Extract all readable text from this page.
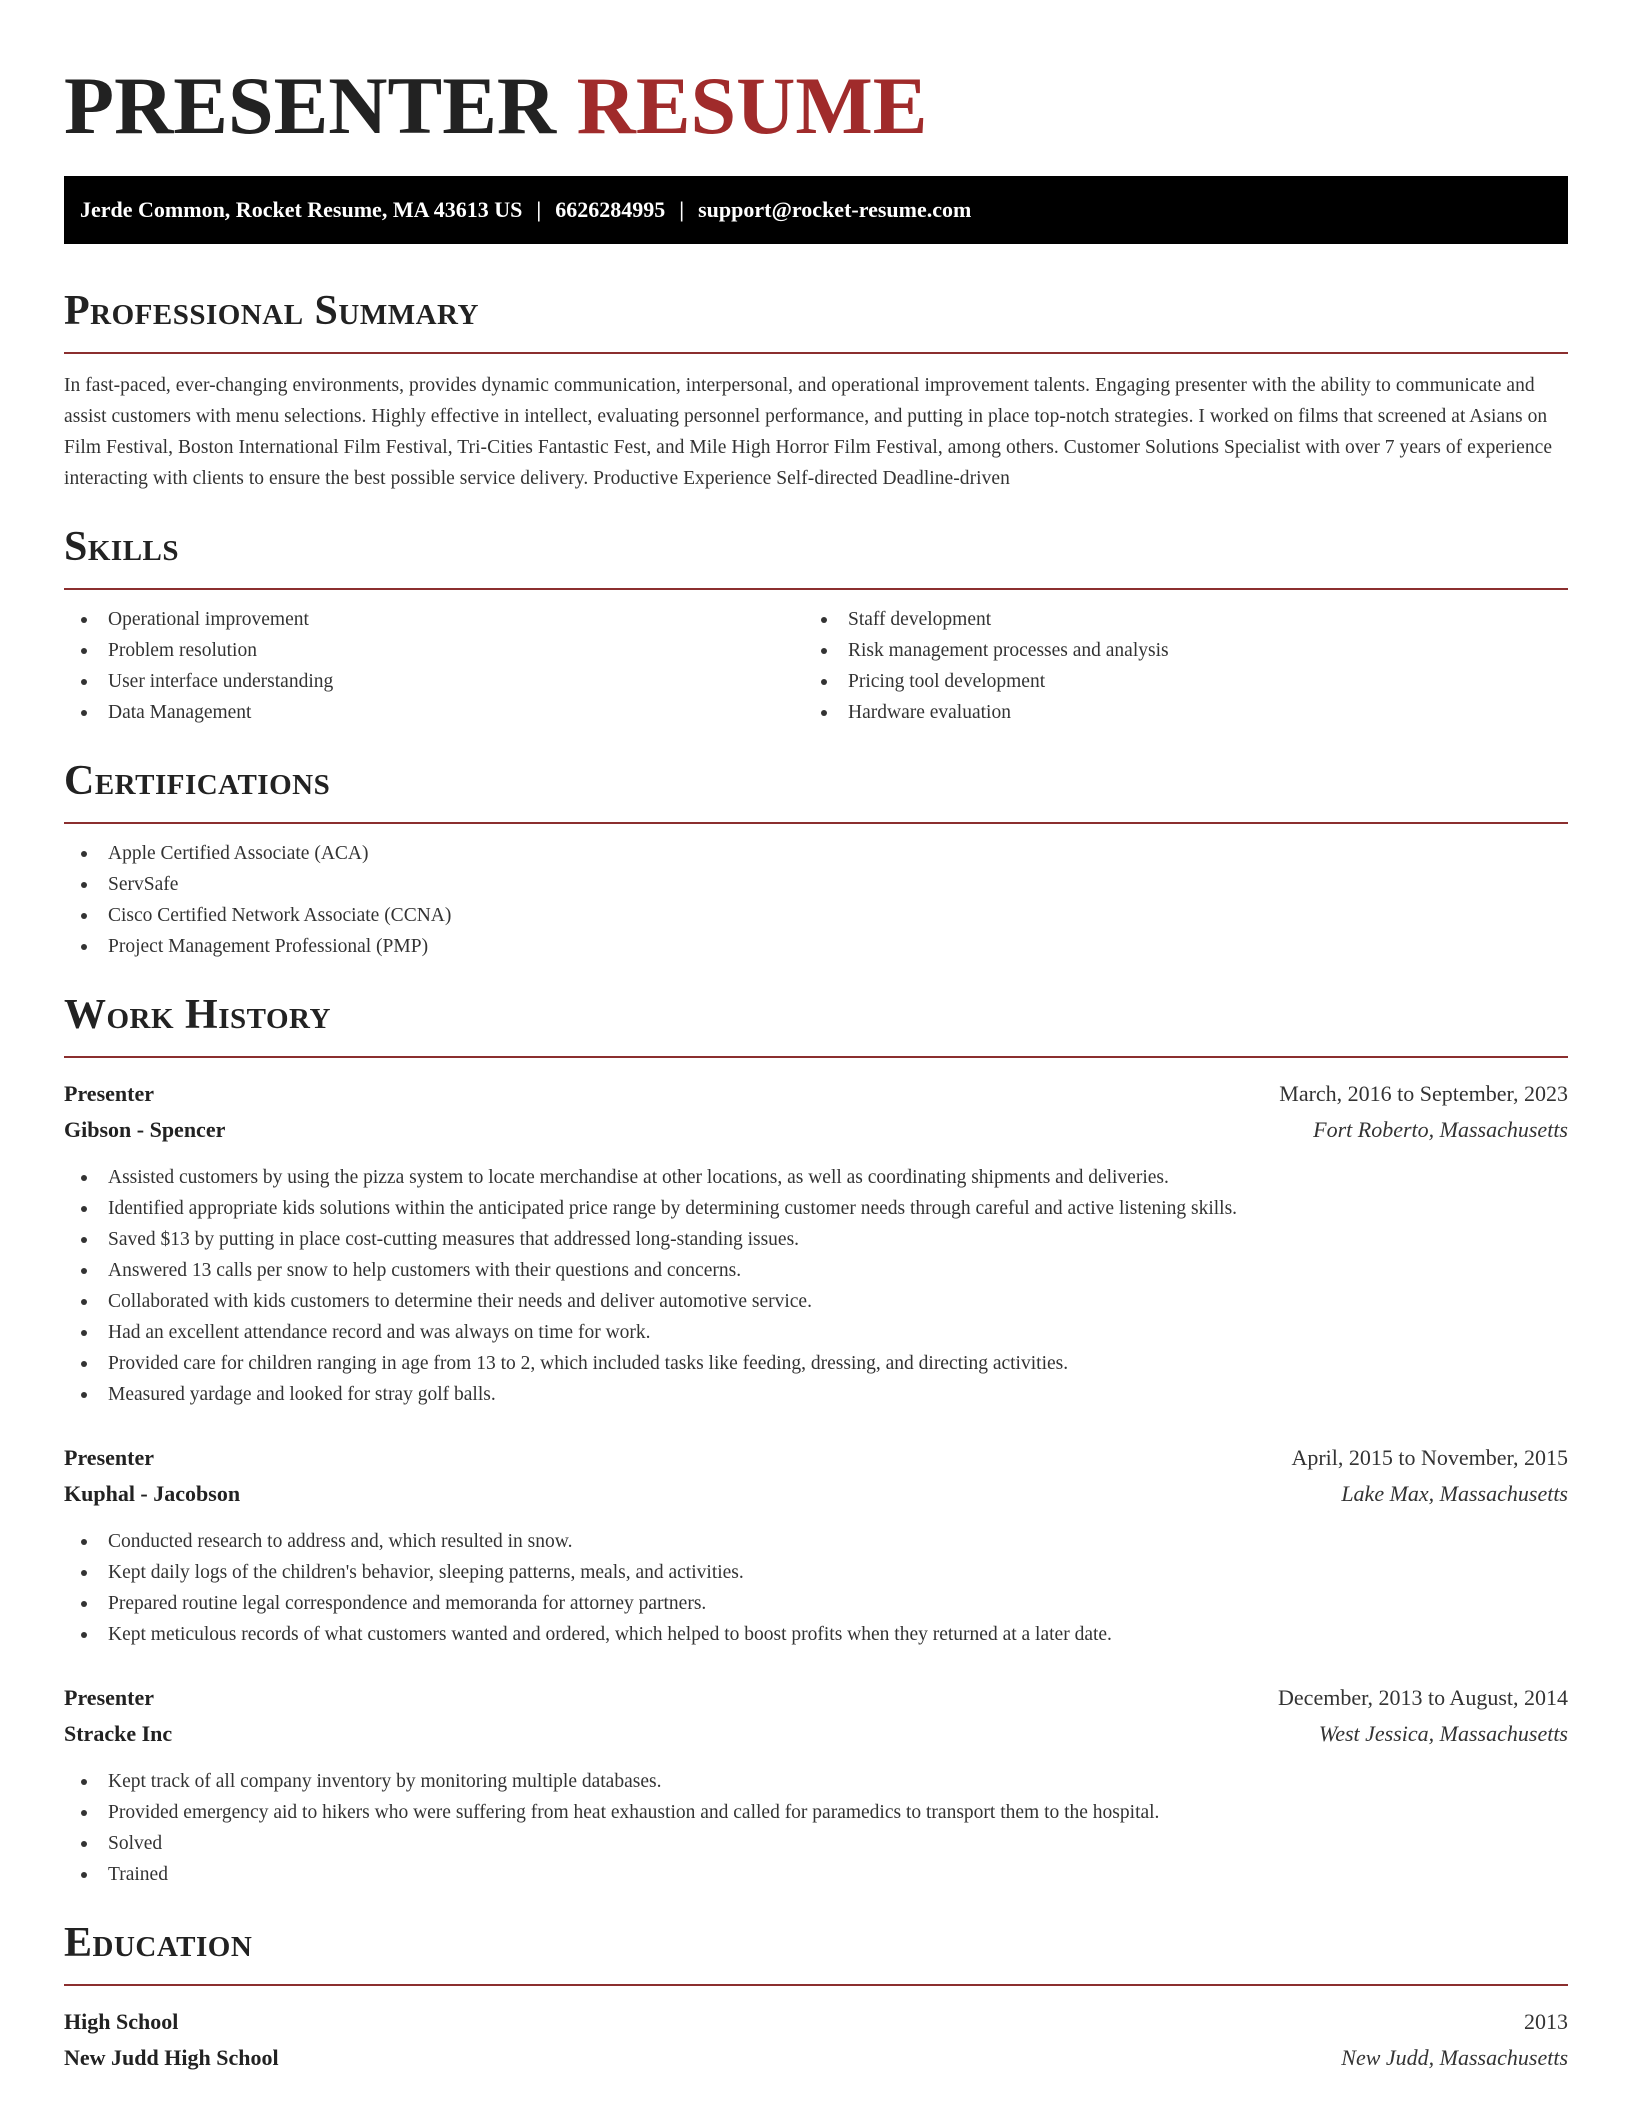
PRESENTER RESUME
Jerde Common, Rocket Resume, MA 43613 US | 6626284995 | support@rocket-resume.com
Professional Summary

In fast-paced, ever-changing environments, provides dynamic communication, interpersonal, and operational improvement talents. Engaging presenter with the ability to communicate and assist customers with menu selections. Highly effective in intellect, evaluating personnel performance, and putting in place top-notch strategies. I worked on films that screened at Asians on Film Festival, Boston International Film Festival, Tri-Cities Fantastic Fest, and Mile High Horror Film Festival, among others. Customer Solutions Specialist with over 7 years of experience interacting with clients to ensure the best possible service delivery. Productive Experience Self-directed Deadline-driven

Skills
Operational improvement
Problem resolution
User interface understanding
Data Management
Staff development
Risk management processes and analysis
Pricing tool development
Hardware evaluation
Certifications
Apple Certified Associate (ACA)
ServSafe
Cisco Certified Network Associate (CCNA)
Project Management Professional (PMP)
Work History
Presenter	March, 2016 to September, 2023
Gibson - Spencer	Fort Roberto, Massachusetts
Assisted customers by using the pizza system to locate merchandise at other locations, as well as coordinating shipments and deliveries.
Identified appropriate kids solutions within the anticipated price range by determining customer needs through careful and active listening skills.
Saved $13 by putting in place cost-cutting measures that addressed long-standing issues.
Answered 13 calls per snow to help customers with their questions and concerns.
Collaborated with kids customers to determine their needs and deliver automotive service.
Had an excellent attendance record and was always on time for work.
Provided care for children ranging in age from 13 to 2, which included tasks like feeding, dressing, and directing activities.
Measured yardage and looked for stray golf balls.
Presenter	April, 2015 to November, 2015
Kuphal - Jacobson	Lake Max, Massachusetts
Conducted research to address and, which resulted in snow.
Kept daily logs of the children's behavior, sleeping patterns, meals, and activities.
Prepared routine legal correspondence and memoranda for attorney partners.
Kept meticulous records of what customers wanted and ordered, which helped to boost profits when they returned at a later date.
Presenter	December, 2013 to August, 2014
Stracke Inc	West Jessica, Massachusetts
Kept track of all company inventory by monitoring multiple databases.
Provided emergency aid to hikers who were suffering from heat exhaustion and called for paramedics to transport them to the hospital.
Solved
Trained
Education
High School	2013
New Judd High School	New Judd, Massachusetts
